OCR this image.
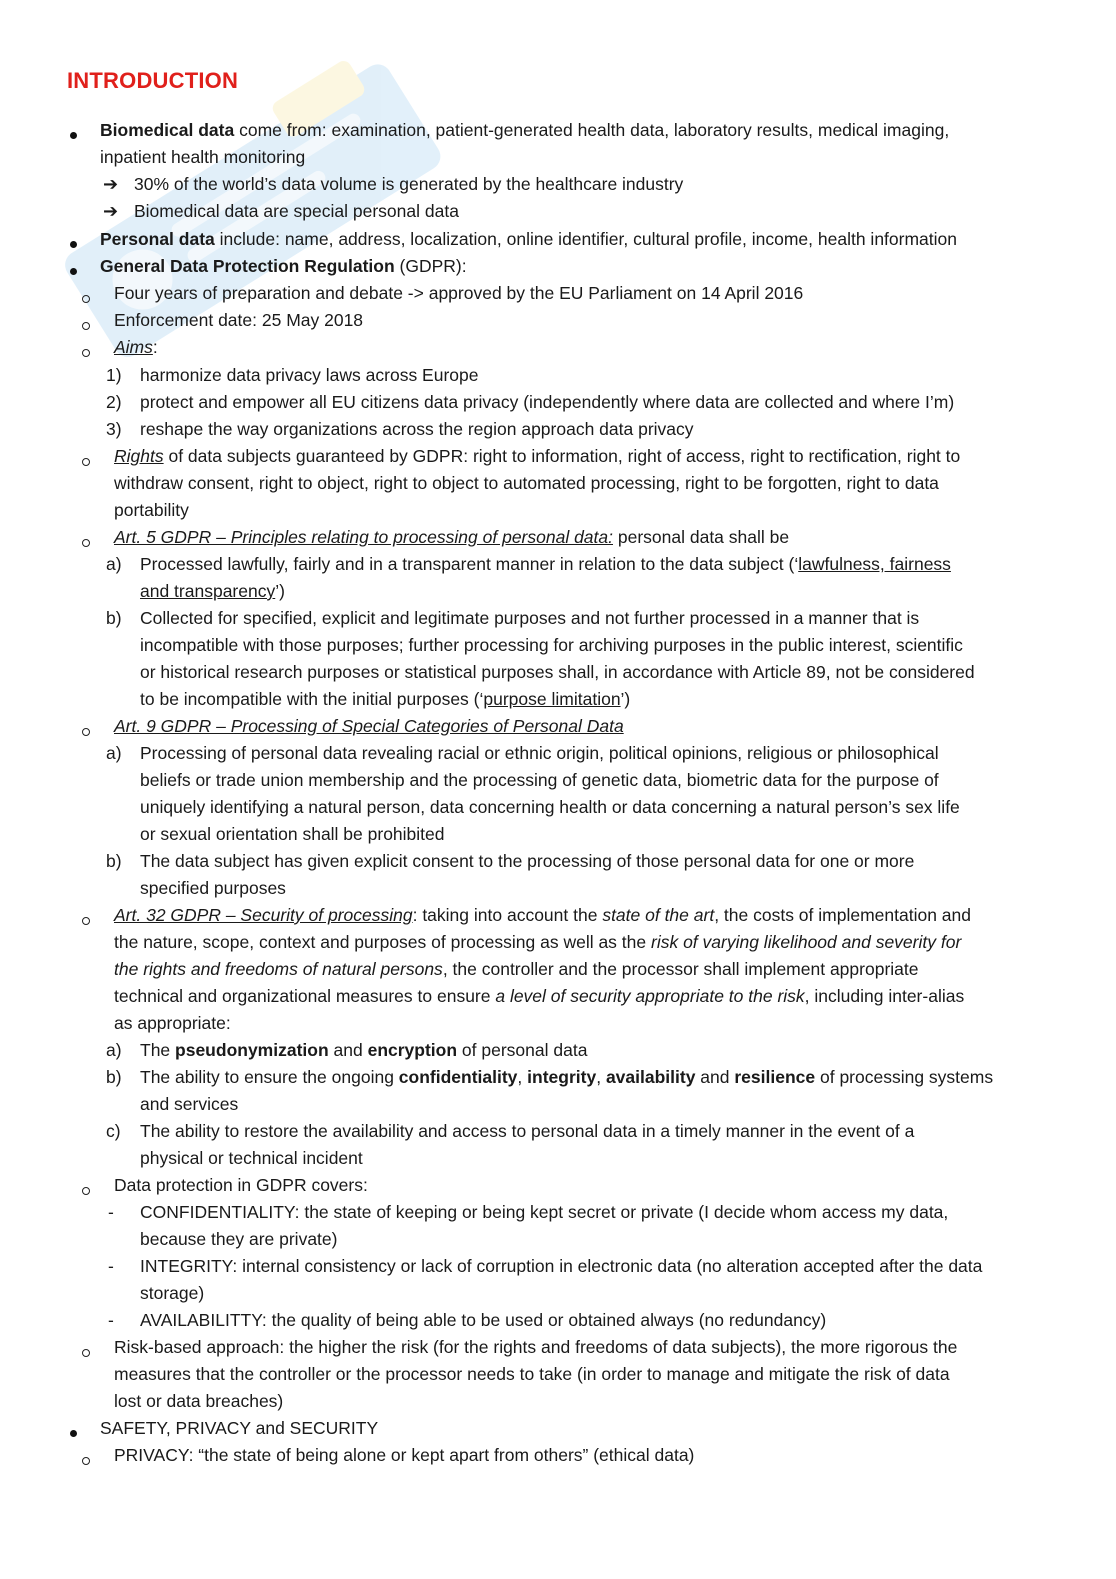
INTRODUCTION
Biomedical data come from: examination, patient-generated health data, laboratory results, medical imaging,
inpatient health monitoring
➔ 30% of the world’s data volume is generated by the healthcare industry
➔ Biomedical data are special personal data
Personal data include: name, address, localization, online identifier, cultural profile, income, health information
General Data Protection Regulation (GDPR):
Four years of preparation and debate -> approved by the EU Parliament on 14 April 2016
Enforcement date: 25 May 2018
Aims:
1) harmonize data privacy laws across Europe
2) protect and empower all EU citizens data privacy (independently where data are collected and where I’m)
3) reshape the way organizations across the region approach data privacy
Rights of data subjects guaranteed by GDPR: right to information, right of access, right to rectification, right to
withdraw consent, right to object, right to object to automated processing, right to be forgotten, right to data
portability
Art. 5 GDPR – Principles relating to processing of personal data: personal data shall be
a) Processed lawfully, fairly and in a transparent manner in relation to the data subject (‘lawfulness, fairness
and transparency’)
b) Collected for specified, explicit and legitimate purposes and not further processed in a manner that is
incompatible with those purposes; further processing for archiving purposes in the public interest, scientific
or historical research purposes or statistical purposes shall, in accordance with Article 89, not be considered
to be incompatible with the initial purposes (‘purpose limitation’)
Art. 9 GDPR – Processing of Special Categories of Personal Data
a) Processing of personal data revealing racial or ethnic origin, political opinions, religious or philosophical
beliefs or trade union membership and the processing of genetic data, biometric data for the purpose of
uniquely identifying a natural person, data concerning health or data concerning a natural person’s sex life
or sexual orientation shall be prohibited
b) The data subject has given explicit consent to the processing of those personal data for one or more
specified purposes
Art. 32 GDPR – Security of processing: taking into account the state of the art, the costs of implementation and
the nature, scope, context and purposes of processing as well as the risk of varying likelihood and severity for
the rights and freedoms of natural persons, the controller and the processor shall implement appropriate
technical and organizational measures to ensure a level of security appropriate to the risk, including inter-alias
as appropriate:
a) The pseudonymization and encryption of personal data
b) The ability to ensure the ongoing confidentiality, integrity, availability and resilience of processing systems
and services
c) The ability to restore the availability and access to personal data in a timely manner in the event of a
physical or technical incident
Data protection in GDPR covers:
- CONFIDENTIALITY: the state of keeping or being kept secret or private (I decide whom access my data,
because they are private)
- INTEGRITY: internal consistency or lack of corruption in electronic data (no alteration accepted after the data
storage)
- AVAILABILITTY: the quality of being able to be used or obtained always (no redundancy)
Risk-based approach: the higher the risk (for the rights and freedoms of data subjects), the more rigorous the
measures that the controller or the processor needs to take (in order to manage and mitigate the risk of data
lost or data breaches)
SAFETY, PRIVACY and SECURITY
PRIVACY: “the state of being alone or kept apart from others” (ethical data)
